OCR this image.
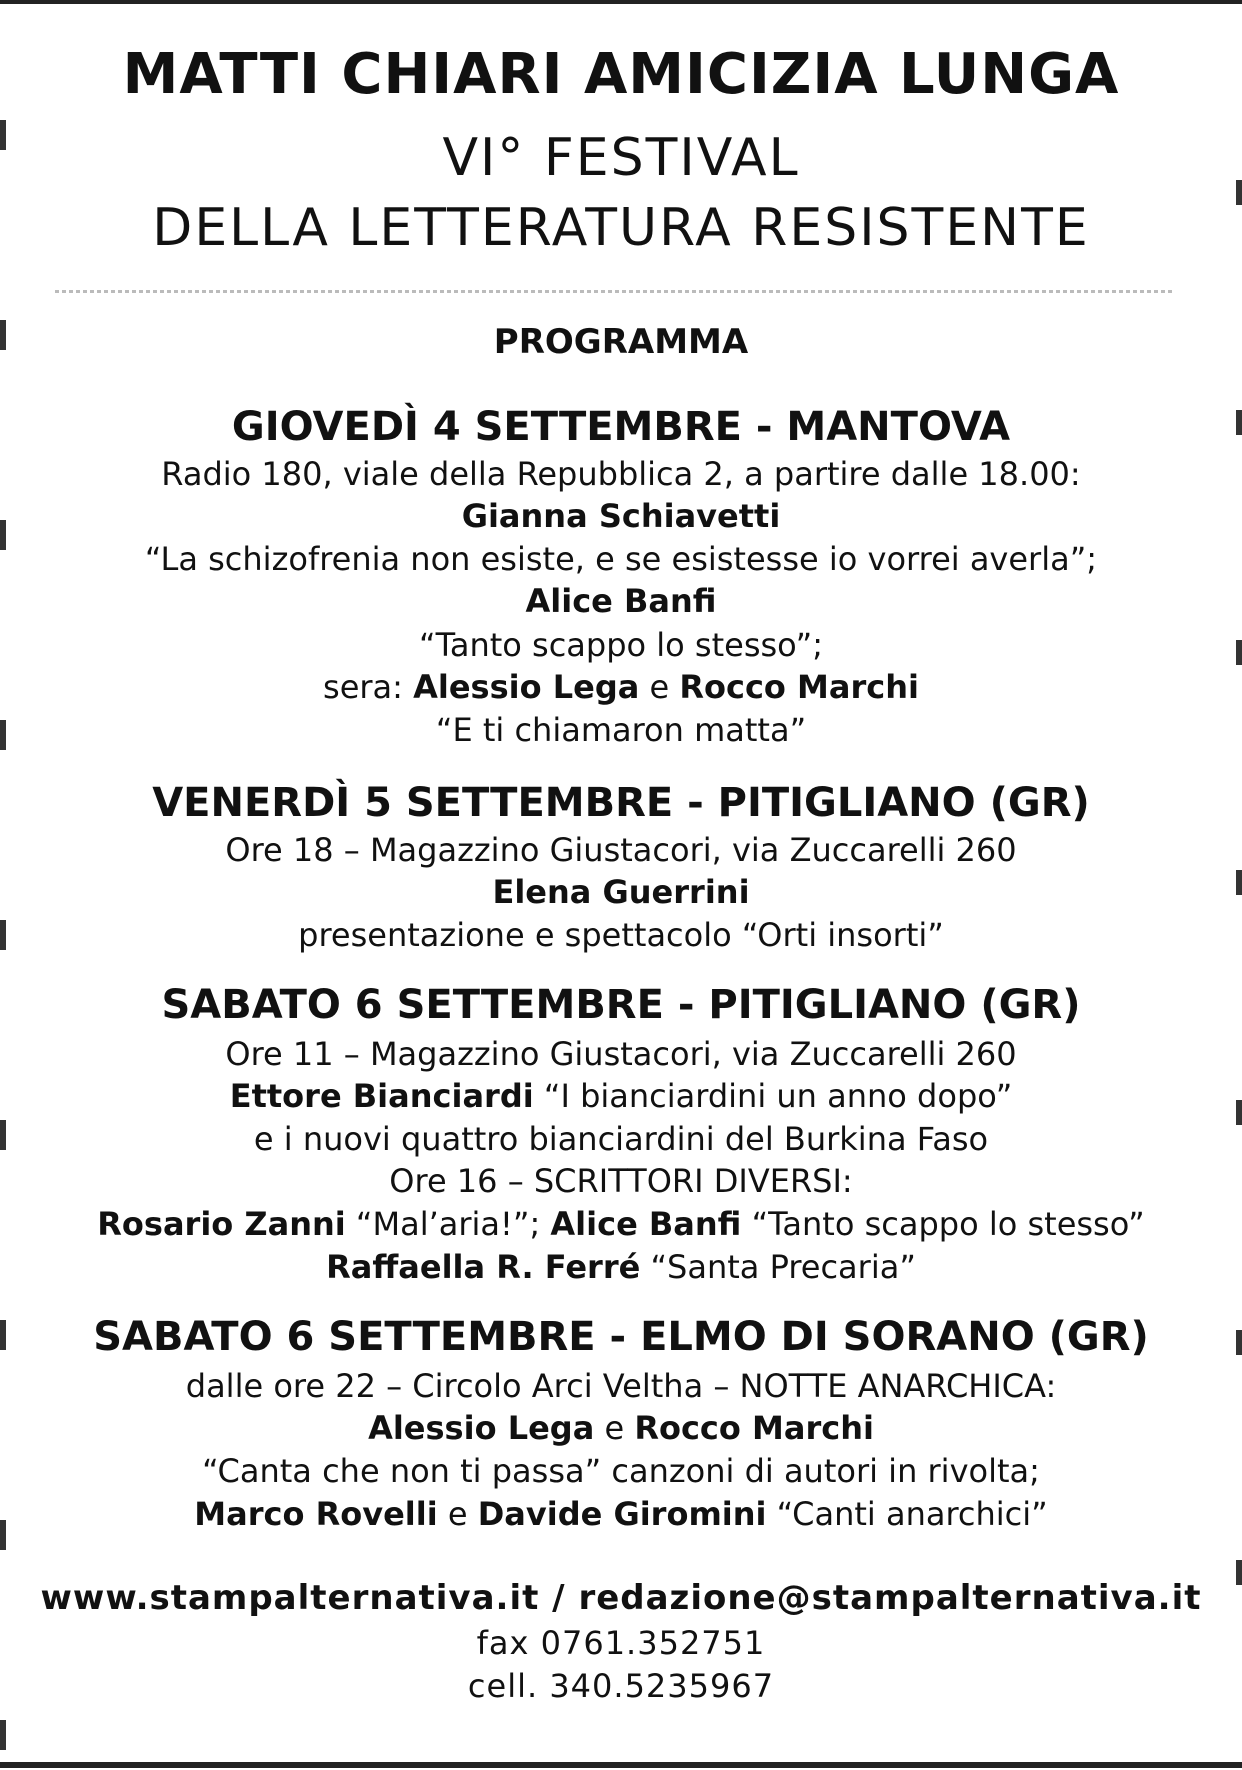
MATTI CHIARI AMICIZIA LUNGA
VI° FESTIVAL
DELLA LETTERATURA RESISTENTE
PROGRAMMA
GIOVEDÌ 4 SETTEMBRE - MANTOVA
Radio 180, viale della Repubblica 2, a partire dalle 18.00:
Gianna Schiavetti
“La schizofrenia non esiste, e se esistesse io vorrei averla”;
Alice Banfi
“Tanto scappo lo stesso”;
sera: Alessio Lega e Rocco Marchi
“E ti chiamaron matta”
VENERDÌ 5 SETTEMBRE - PITIGLIANO (GR)
Ore 18 – Magazzino Giustacori, via Zuccarelli 260
Elena Guerrini
presentazione e spettacolo “Orti insorti”
SABATO 6 SETTEMBRE - PITIGLIANO (GR)
Ore 11 – Magazzino Giustacori, via Zuccarelli 260
Ettore Bianciardi “I bianciardini un anno dopo”
e i nuovi quattro bianciardini del Burkina Faso
Ore 16 – SCRITTORI DIVERSI:
Rosario Zanni “Mal’aria!”; Alice Banfi “Tanto scappo lo stesso”
Raffaella R. Ferré “Santa Precaria”
SABATO 6 SETTEMBRE - ELMO DI SORANO (GR)
dalle ore 22 – Circolo Arci Veltha – NOTTE ANARCHICA:
Alessio Lega e Rocco Marchi
“Canta che non ti passa” canzoni di autori in rivolta;
Marco Rovelli e Davide Giromini “Canti anarchici”
www.stampalternativa.it / redazione@stampalternativa.it
fax 0761.352751
cell. 340.5235967
